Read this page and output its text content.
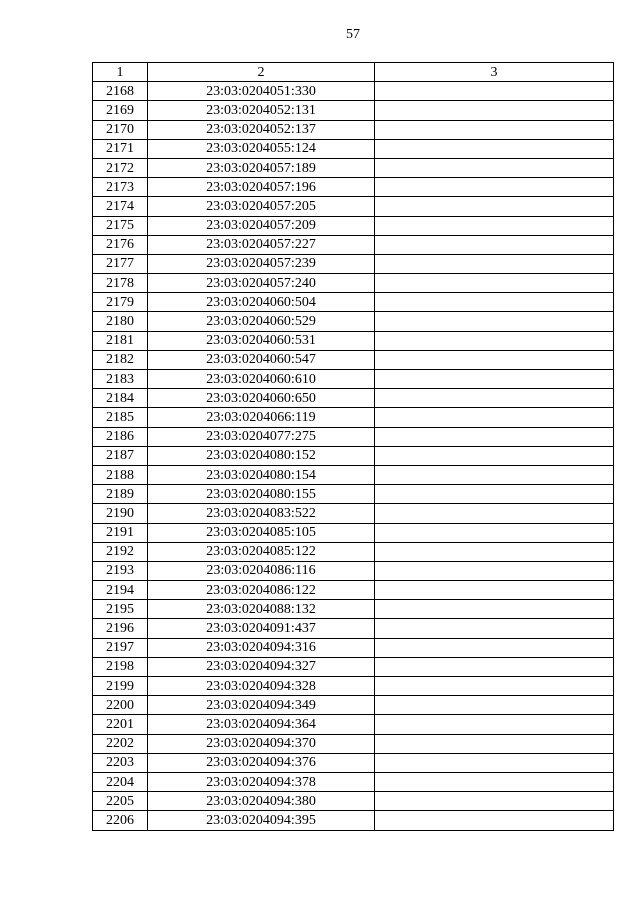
57
1	2	3
2168	23:03:0204051:330	
2169	23:03:0204052:131	
2170	23:03:0204052:137	
2171	23:03:0204055:124	
2172	23:03:0204057:189	
2173	23:03:0204057:196	
2174	23:03:0204057:205	
2175	23:03:0204057:209	
2176	23:03:0204057:227	
2177	23:03:0204057:239	
2178	23:03:0204057:240	
2179	23:03:0204060:504	
2180	23:03:0204060:529	
2181	23:03:0204060:531	
2182	23:03:0204060:547	
2183	23:03:0204060:610	
2184	23:03:0204060:650	
2185	23:03:0204066:119	
2186	23:03:0204077:275	
2187	23:03:0204080:152	
2188	23:03:0204080:154	
2189	23:03:0204080:155	
2190	23:03:0204083:522	
2191	23:03:0204085:105	
2192	23:03:0204085:122	
2193	23:03:0204086:116	
2194	23:03:0204086:122	
2195	23:03:0204088:132	
2196	23:03:0204091:437	
2197	23:03:0204094:316	
2198	23:03:0204094:327	
2199	23:03:0204094:328	
2200	23:03:0204094:349	
2201	23:03:0204094:364	
2202	23:03:0204094:370	
2203	23:03:0204094:376	
2204	23:03:0204094:378	
2205	23:03:0204094:380	
2206	23:03:0204094:395	
